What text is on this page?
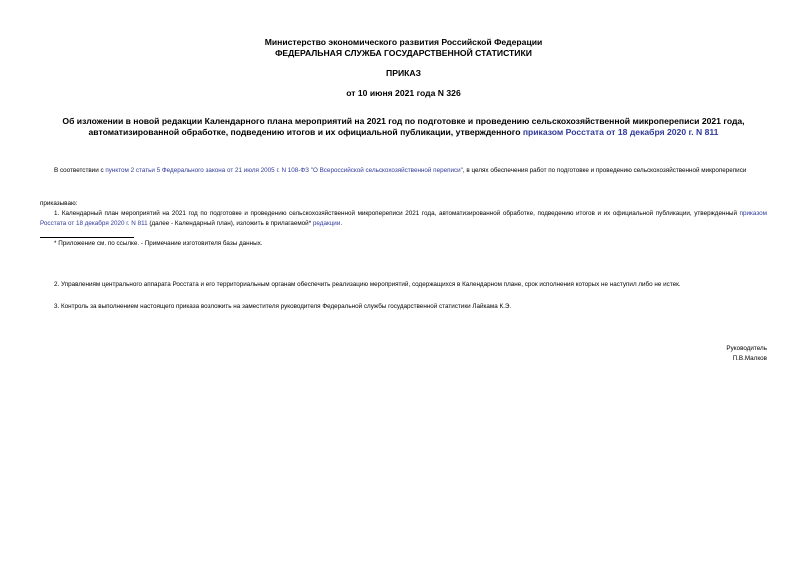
Министерство экономического развития Российской Федерации
ФЕДЕРАЛЬНАЯ СЛУЖБА ГОСУДАРСТВЕННОЙ СТАТИСТИКИ
ПРИКАЗ
от 10 июня 2021 года N 326
Об изложении в новой редакции Календарного плана мероприятий на 2021 год по подготовке и проведению сельскохозяйственной микропереписи 2021 года, автоматизированной обработке, подведению итогов и их официальной публикации, утвержденного приказом Росстата от 18 декабря 2020 г. N 811
В соответствии с пунктом 2 статьи 5 Федерального закона от 21 июля 2005 г. N 108-ФЗ "О Всероссийской сельскохозяйственной переписи", в целях обеспечения работ по подготовке и проведению сельскохозяйственной микропереписи
приказываю:
1. Календарный план мероприятий на 2021 год по подготовке и проведению сельскохозяйственной микропереписи 2021 года, автоматизированной обработке, подведению итогов и их официальной публикации, утвержденный приказом Росстата от 18 декабря 2020 г. N 811 (далее - Календарный план), изложить в прилагаемой* редакции.
* Приложение см. по ссылке. - Примечание изготовителя базы данных.
2. Управлениям центрального аппарата Росстата и его территориальным органам обеспечить реализацию мероприятий, содержащихся в Календарном плане, срок исполнения которых не наступил либо не истек.
3. Контроль за выполнением настоящего приказа возложить на заместителя руководителя Федеральной службы государственной статистики Лайкама К.Э.
Руководитель
П.В.Малков
